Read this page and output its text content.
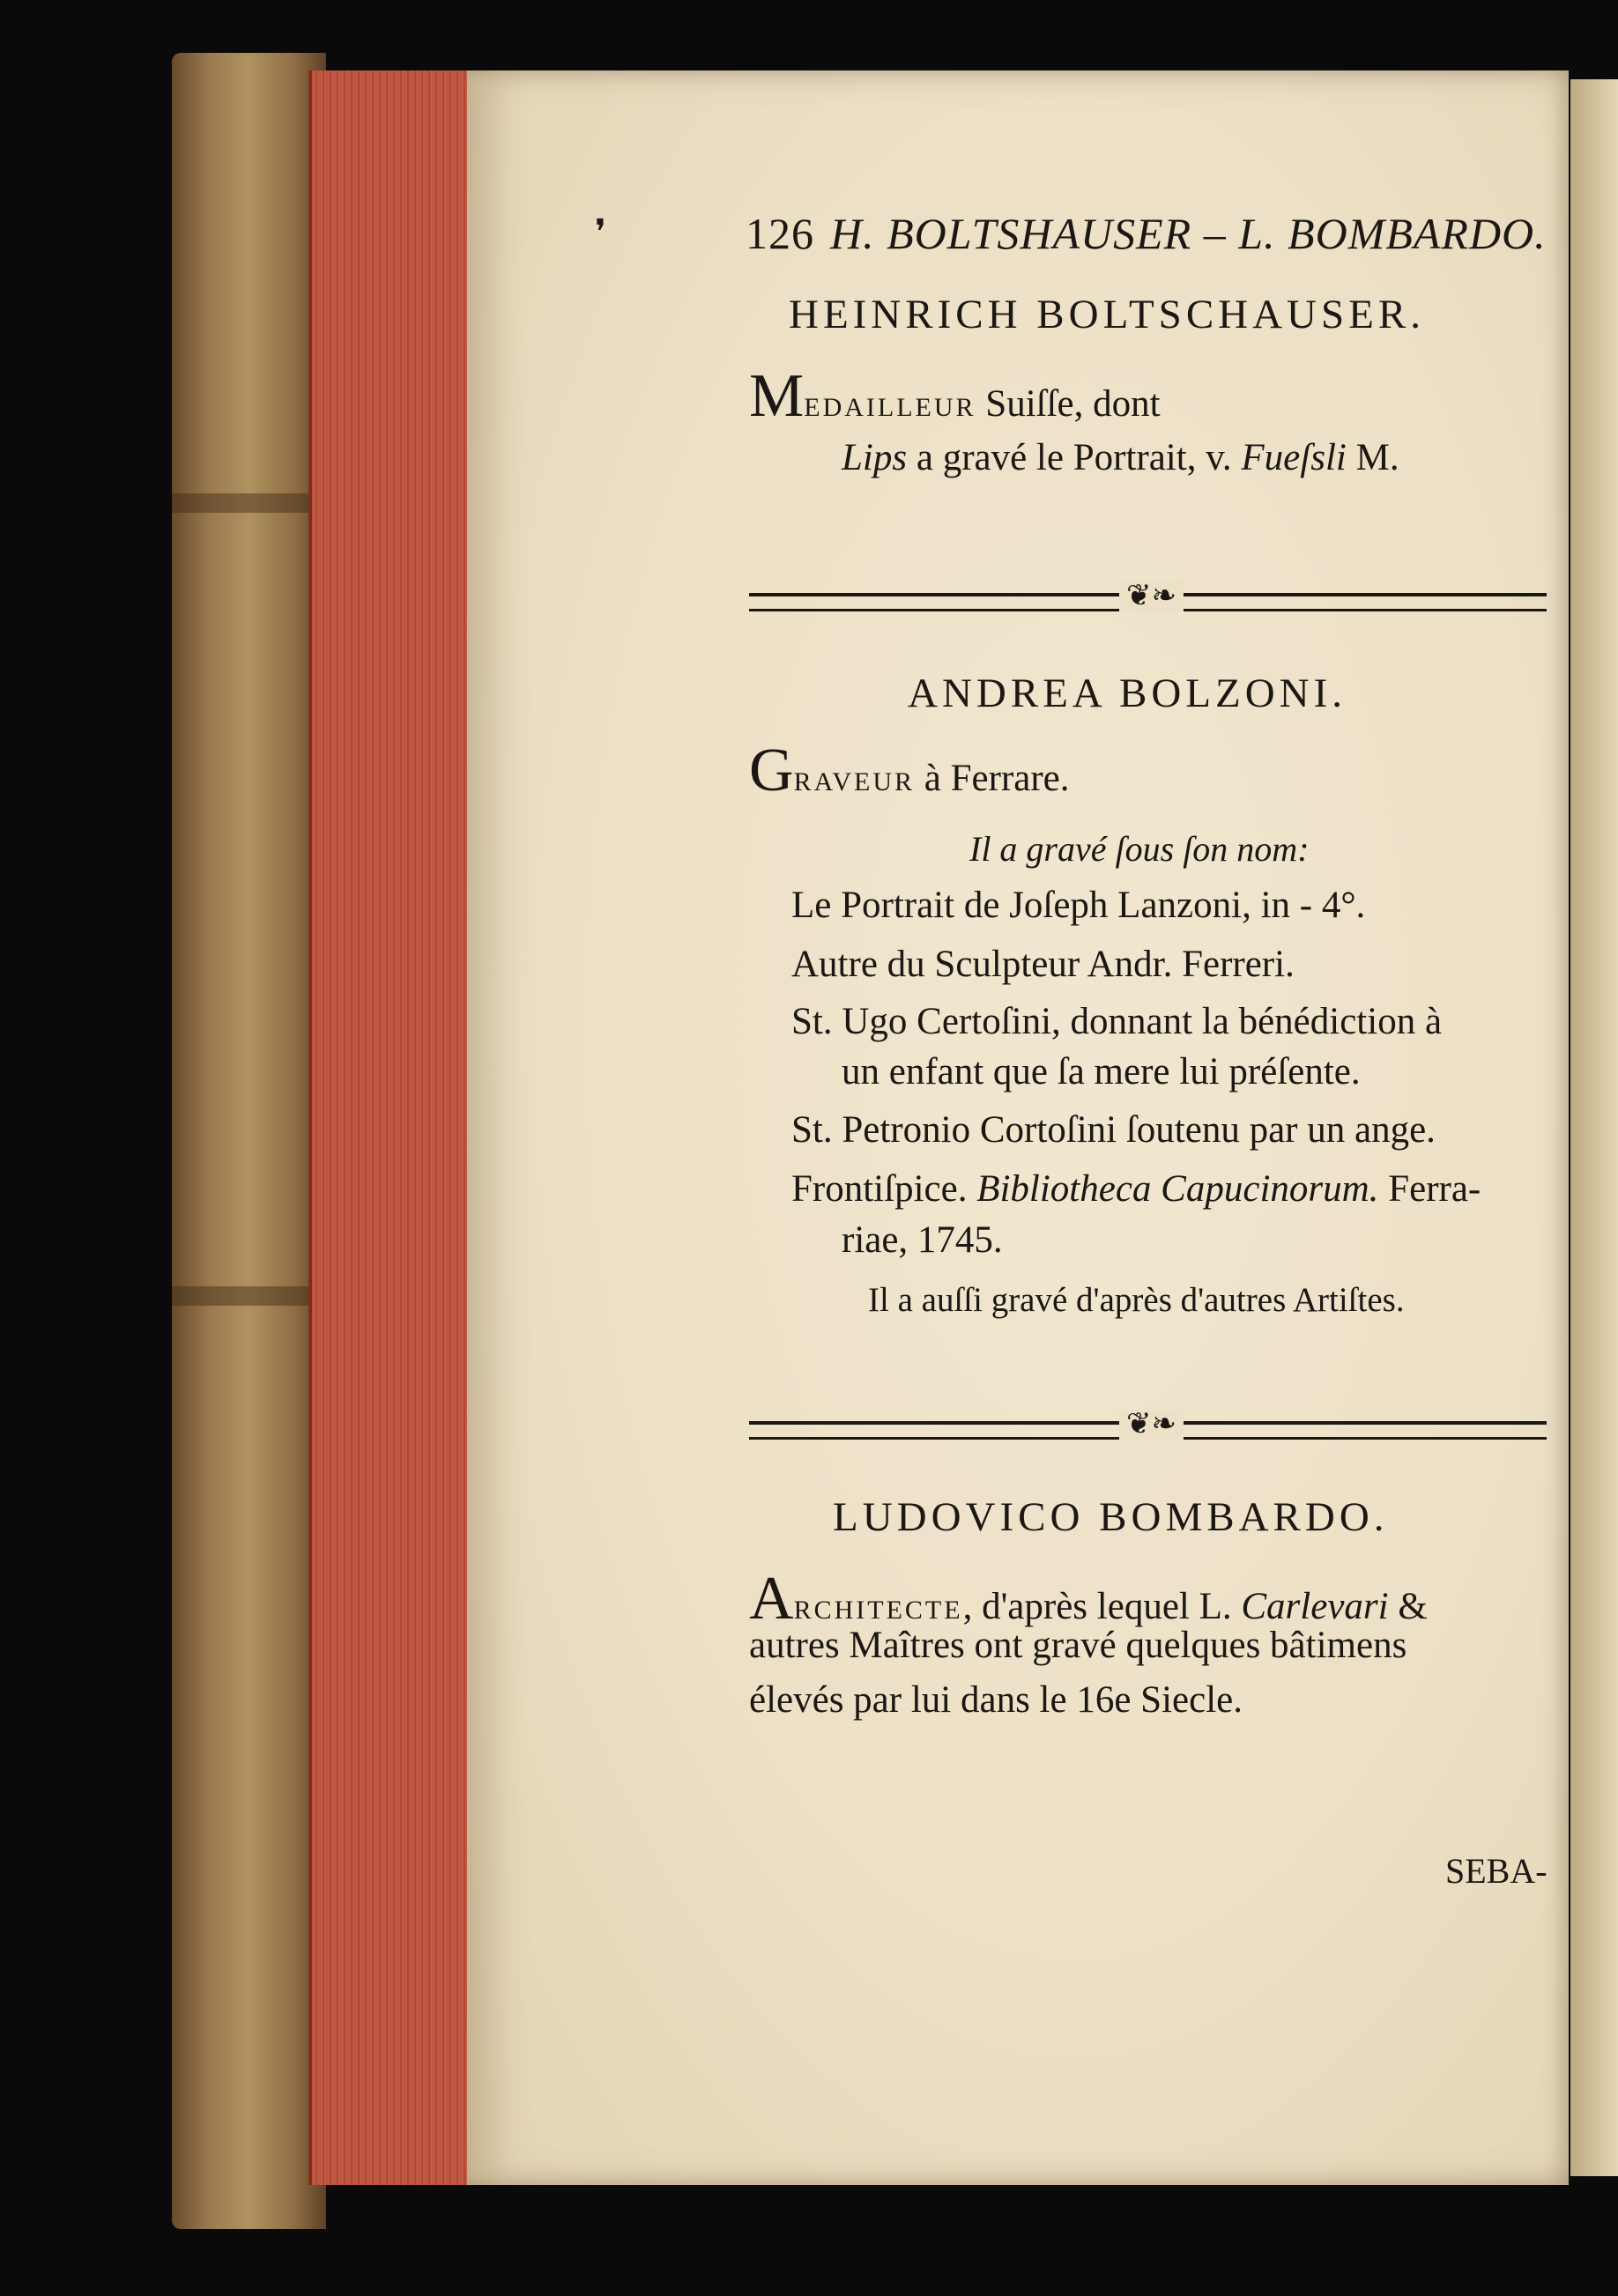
126 H. BOLTSHAUSER – L. BOMBARDO.
❜
HEINRICH BOLTSCHAUSER.
MEDAILLEUR Suiſſe, dont
Lips a gravé le Portrait, v. Fueſsli M.
❦❧
ANDREA BOLZONI.
GRAVEUR à Ferrare.
Il a gravé ſous ſon nom:
Le Portrait de Joſeph Lanzoni, in - 4°.
Autre du Sculpteur Andr. Ferreri.
St. Ugo Certoſini, donnant la bénédiction à
un enfant que ſa mere lui préſente.
St. Petronio Cortoſini ſoutenu par un ange.
Frontiſpice. Bibliotheca Capucinorum. Ferra-
riae, 1745.
Il a auſſi gravé d'après d'autres Artiſtes.
❦❧
LUDOVICO BOMBARDO.
ARCHITECTE, d'après lequel L. Carlevari &
autres Maîtres ont gravé quelques bâtimens
élevés par lui dans le 16e Siecle.
SEBA-
